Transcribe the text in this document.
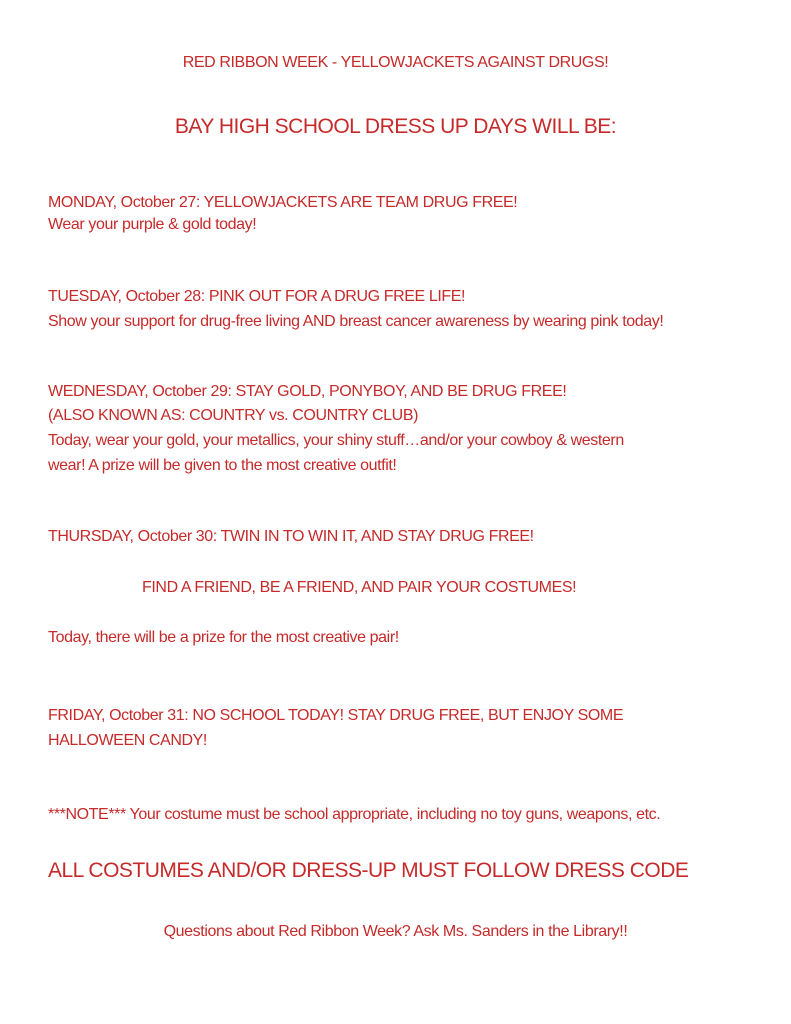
RED RIBBON WEEK - YELLOWJACKETS AGAINST DRUGS!
BAY HIGH SCHOOL DRESS UP DAYS WILL BE:
MONDAY, October 27: YELLOWJACKETS ARE TEAM DRUG FREE!
Wear your purple & gold today!
TUESDAY, October 28: PINK OUT FOR A DRUG FREE LIFE!
Show your support for drug-free living AND breast cancer awareness by wearing pink today!
WEDNESDAY, October 29: STAY GOLD, PONYBOY, AND BE DRUG FREE!
(ALSO KNOWN AS: COUNTRY vs. COUNTRY CLUB)
Today, wear your gold, your metallics, your shiny stuff…and/or your cowboy & western
wear! A prize will be given to the most creative outfit!
THURSDAY, October 30: TWIN IN TO WIN IT, AND STAY DRUG FREE!
FIND A FRIEND, BE A FRIEND, AND PAIR YOUR COSTUMES!
Today, there will be a prize for the most creative pair!
FRIDAY, October 31: NO SCHOOL TODAY! STAY DRUG FREE, BUT ENJOY SOME
HALLOWEEN CANDY!
***NOTE*** Your costume must be school appropriate, including no toy guns, weapons, etc.
ALL COSTUMES AND/OR DRESS-UP MUST FOLLOW DRESS CODE
Questions about Red Ribbon Week? Ask Ms. Sanders in the Library!!
